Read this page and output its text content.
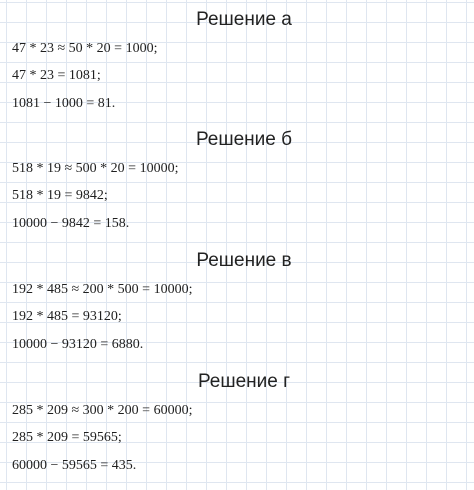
Решение а
47 * 23 ≈ 50 * 20 = 1000;
47 * 23 = 1081;
1081 − 1000 = 81.
Решение б
518 * 19 ≈ 500 * 20 = 10000;
518 * 19 = 9842;
10000 − 9842 = 158.
Решение в
192 * 485 ≈ 200 * 500 = 10000;
192 * 485 = 93120;
10000 − 93120 = 6880.
Решение г
285 * 209 ≈ 300 * 200 = 60000;
285 * 209 = 59565;
60000 − 59565 = 435.
